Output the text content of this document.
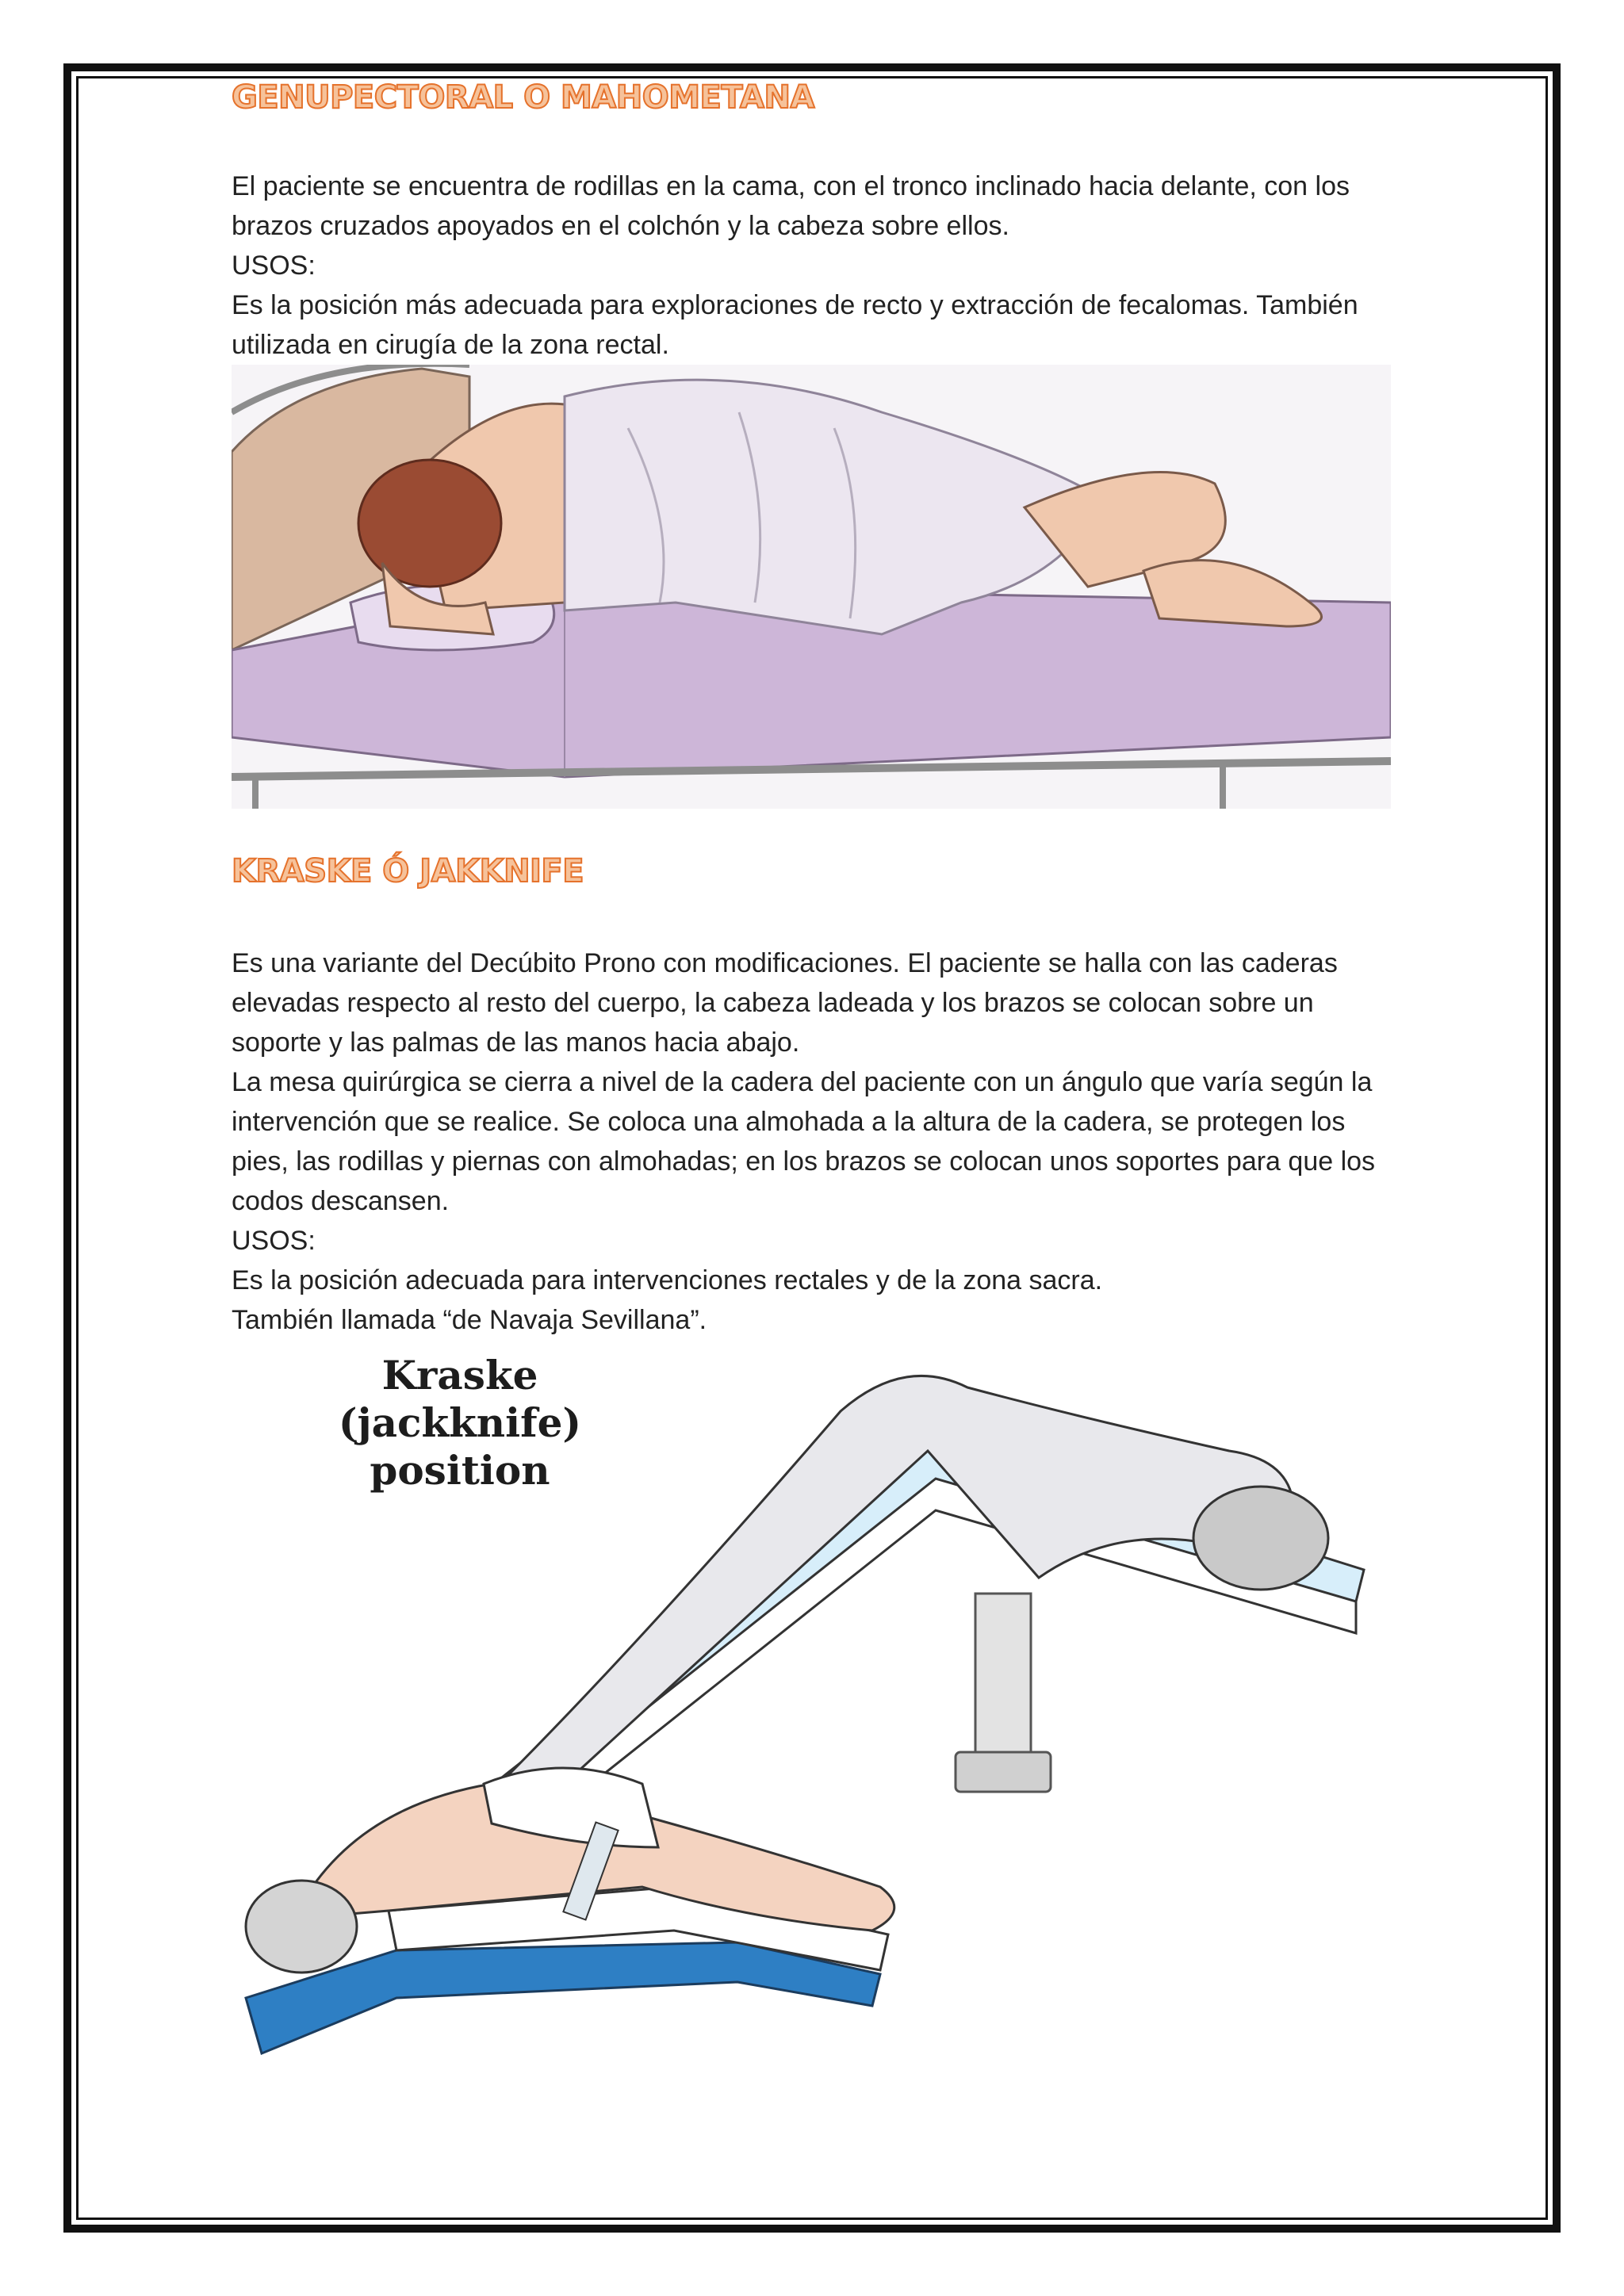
GENUPECTORAL O MAHOMETANA

El paciente se encuentra de rodillas en la cama, con el tronco inclinado hacia delante, con los brazos cruzados apoyados en el colchón y la cabeza sobre ellos.

USOS:

Es la posición más adecuada para exploraciones de recto y extracción de fecalomas. También utilizada en cirugía de la zona rectal.

KRASKE Ó JAKKNIFE

Es una variante del Decúbito Prono con modificaciones. El paciente se halla con las caderas elevadas respecto al resto del cuerpo, la cabeza ladeada y los brazos se colocan sobre un soporte y las palmas de las manos hacia abajo.

La mesa quirúrgica se cierra a nivel de la cadera del paciente con un ángulo que varía según la intervención que se realice. Se coloca una almohada a la altura de la cadera, se protegen los pies, las rodillas y piernas con almohadas; en los brazos se colocan unos soportes para que los codos descansen.

USOS:

Es la posición adecuada para intervenciones rectales y de la zona sacra.

También llamada “de Navaja Sevillana”.

Kraske
(jackknife)
position
